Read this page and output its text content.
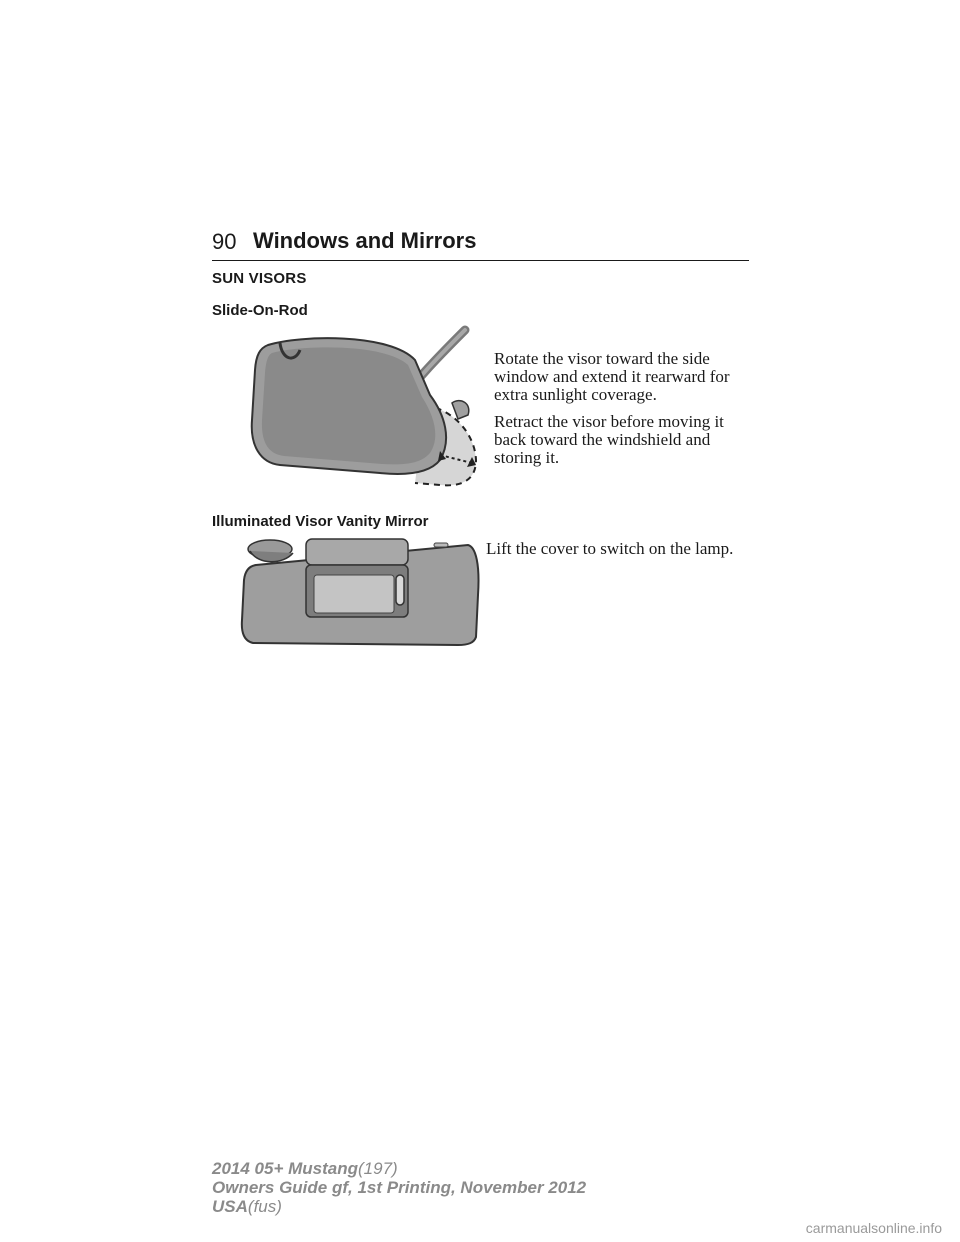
90 Windows and Mirrors
SUN VISORS
Slide-On-Rod

Rotate the visor toward the side window and extend it rearward for extra sunlight coverage.

Retract the visor before moving it back toward the windshield and storing it.

Illuminated Visor Vanity Mirror

Lift the cover to switch on the lamp.

2014 05+ Mustang(197)
Owners Guide gf, 1st Printing, November 2012
USA(fus)
carmanualsonline.info
